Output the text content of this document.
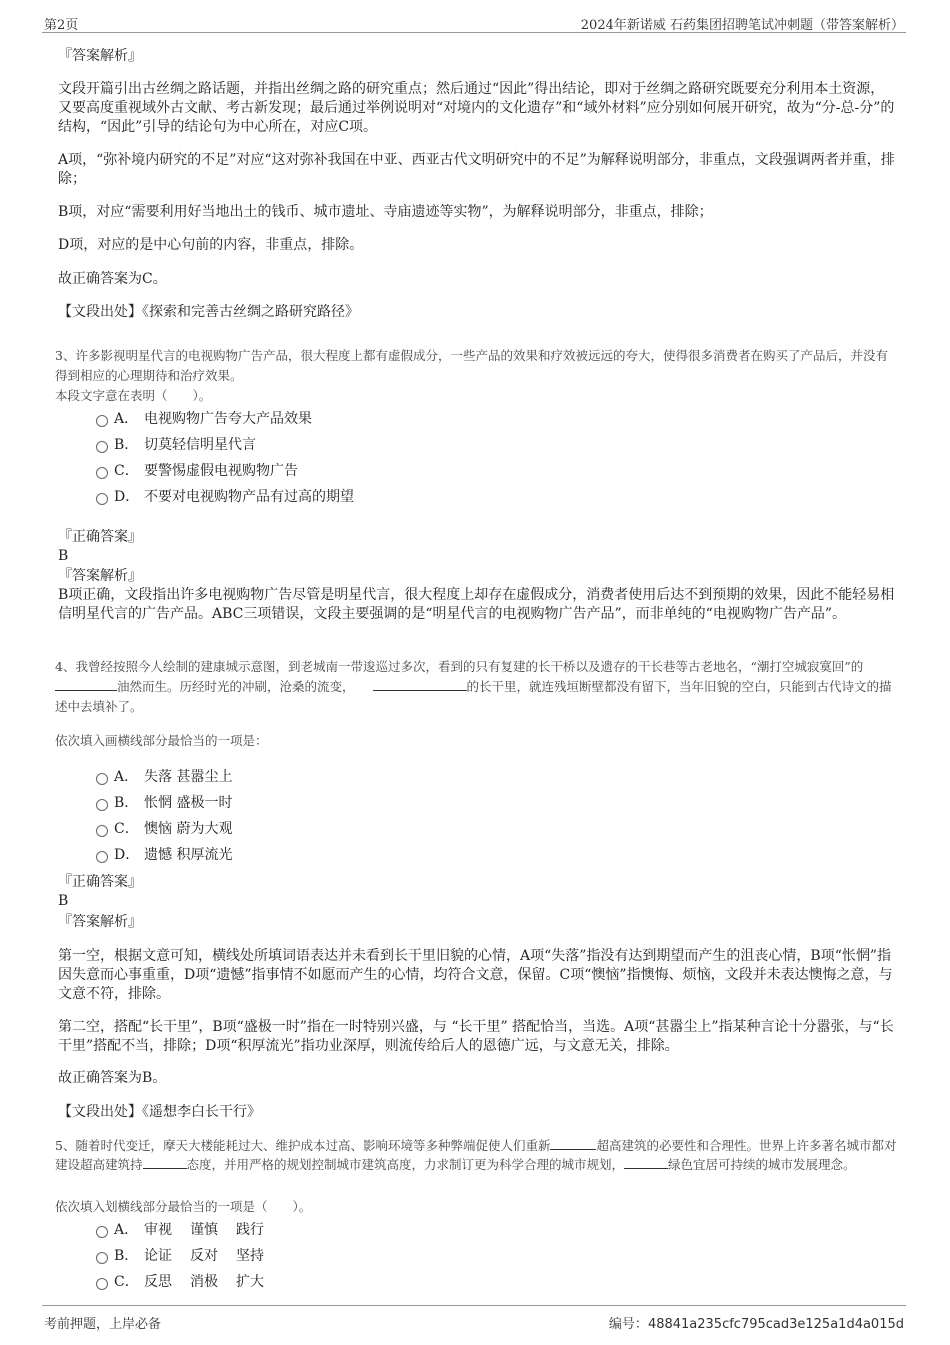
第2页	2024年新诺威 石药集团招聘笔试冲刺题（带答案解析）

『答案解析』

文段开篇引出古丝绸之路话题，并指出丝绸之路的研究重点；然后通过“因此”得出结论，即对于丝绸之路研究既要充分利用本土资源，又要高度重视域外古文献、考古新发现；最后通过举例说明对“对境内的文化遗存”和“域外材料”应分别如何展开研究，故为“分-总-分”的结构，“因此”引导的结论句为中心所在，对应C项。

A项，“弥补境内研究的不足”对应“这对弥补我国在中亚、西亚古代文明研究中的不足”为解释说明部分，非重点，文段强调两者并重，排除；

B项，对应“需要利用好当地出土的钱币、城市遗址、寺庙遗迹等实物”，为解释说明部分，非重点，排除；

D项，对应的是中心句前的内容，非重点，排除。

故正确答案为C。

【文段出处】《探索和完善古丝绸之路研究路径》

3、许多影视明星代言的电视购物广告产品，很大程度上都有虚假成分，一些产品的效果和疗效被远远的夸大，使得很多消费者在购买了产品后，并没有得到相应的心理期待和治疗效果。

本段文字意在表明（　　）。

A． 电视购物广告夸大产品效果
B． 切莫轻信明星代言
C． 要警惕虚假电视购物广告
D． 不要对电视购物产品有过高的期望

『正确答案』

B

『答案解析』

B项正确，文段指出许多电视购物广告尽管是明星代言，很大程度上却存在虚假成分，消费者使用后达不到预期的效果，因此不能轻易相信明星代言的广告产品。ABC三项错误，文段主要强调的是“明星代言的电视购物广告产品”，而非单纯的“电视购物广告产品”。

4、我曾经按照今人绘制的建康城示意图，到老城南一带逡巡过多次，看到的只有复建的长干桥以及遗存的干长巷等古老地名，“潮打空城寂寞回”的油然而生。历经时光的冲刷，沧桑的流变，	的长干里，就连残垣断壁都没有留下，当年旧貌的空白，只能到古代诗文的描述中去填补了。

依次填入画横线部分最恰当的一项是：

A． 失落 甚嚣尘上
B． 怅惘 盛极一时
C． 懊恼 蔚为大观
D． 遗憾 积厚流光

『正确答案』

B

『答案解析』

第一空，根据文意可知，横线处所填词语表达并未看到长干里旧貌的心情，A项“失落”指没有达到期望而产生的沮丧心情，B项“怅惘”指因失意而心事重重，D项“遗憾”指事情不如愿而产生的心情，均符合文意，保留。C项“懊恼”指懊悔、烦恼，文段并未表达懊悔之意，与文意不符，排除。

第二空，搭配“长干里”，B项“盛极一时”指在一时特别兴盛，与 “长干里” 搭配恰当，当选。A项“甚嚣尘上”指某种言论十分嚣张，与“长干里”搭配不当，排除；D项“积厚流光”指功业深厚，则流传给后人的恩德广远，与文意无关，排除。

故正确答案为B。

【文段出处】《遥想李白长干行》

5、随着时代变迁，摩天大楼能耗过大、维护成本过高、影响环境等多种弊端促使人们重新	超高建筑的必要性和合理性。世界上许多著名城市都对建设超高建筑持	态度，并用严格的规划控制城市建筑高度，力求制订更为科学合理的城市规划，	绿色宜居可持续的城市发展理念。

依次填入划横线部分最恰当的一项是（　　）。

A． 审视 谨慎 践行
B． 论证 反对 坚持
C． 反思 消极 扩大
考前押题，上岸必备	编号：48841a235cfc795cad3e125a1d4a015d
